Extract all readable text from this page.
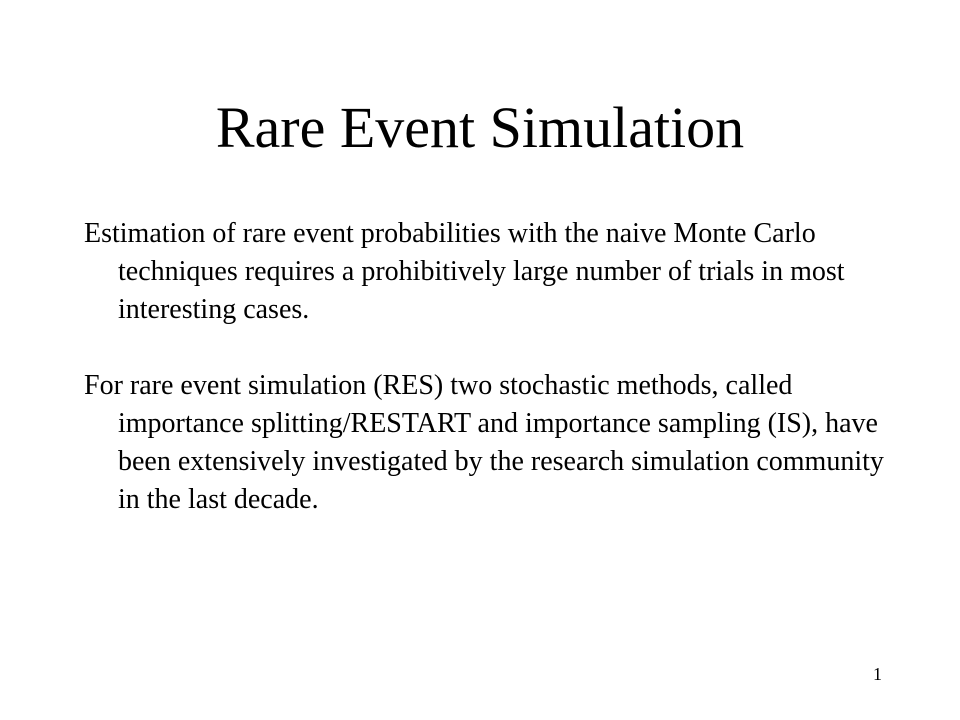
Rare Event Simulation

Estimation of rare event probabilities with the naive Monte Carlo techniques requires a prohibitively large number of trials in most interesting cases.

For rare event simulation (RES) two stochastic methods, called importance splitting/RESTART and importance sampling (IS), have been extensively investigated by the research simulation community in the last decade.

1
